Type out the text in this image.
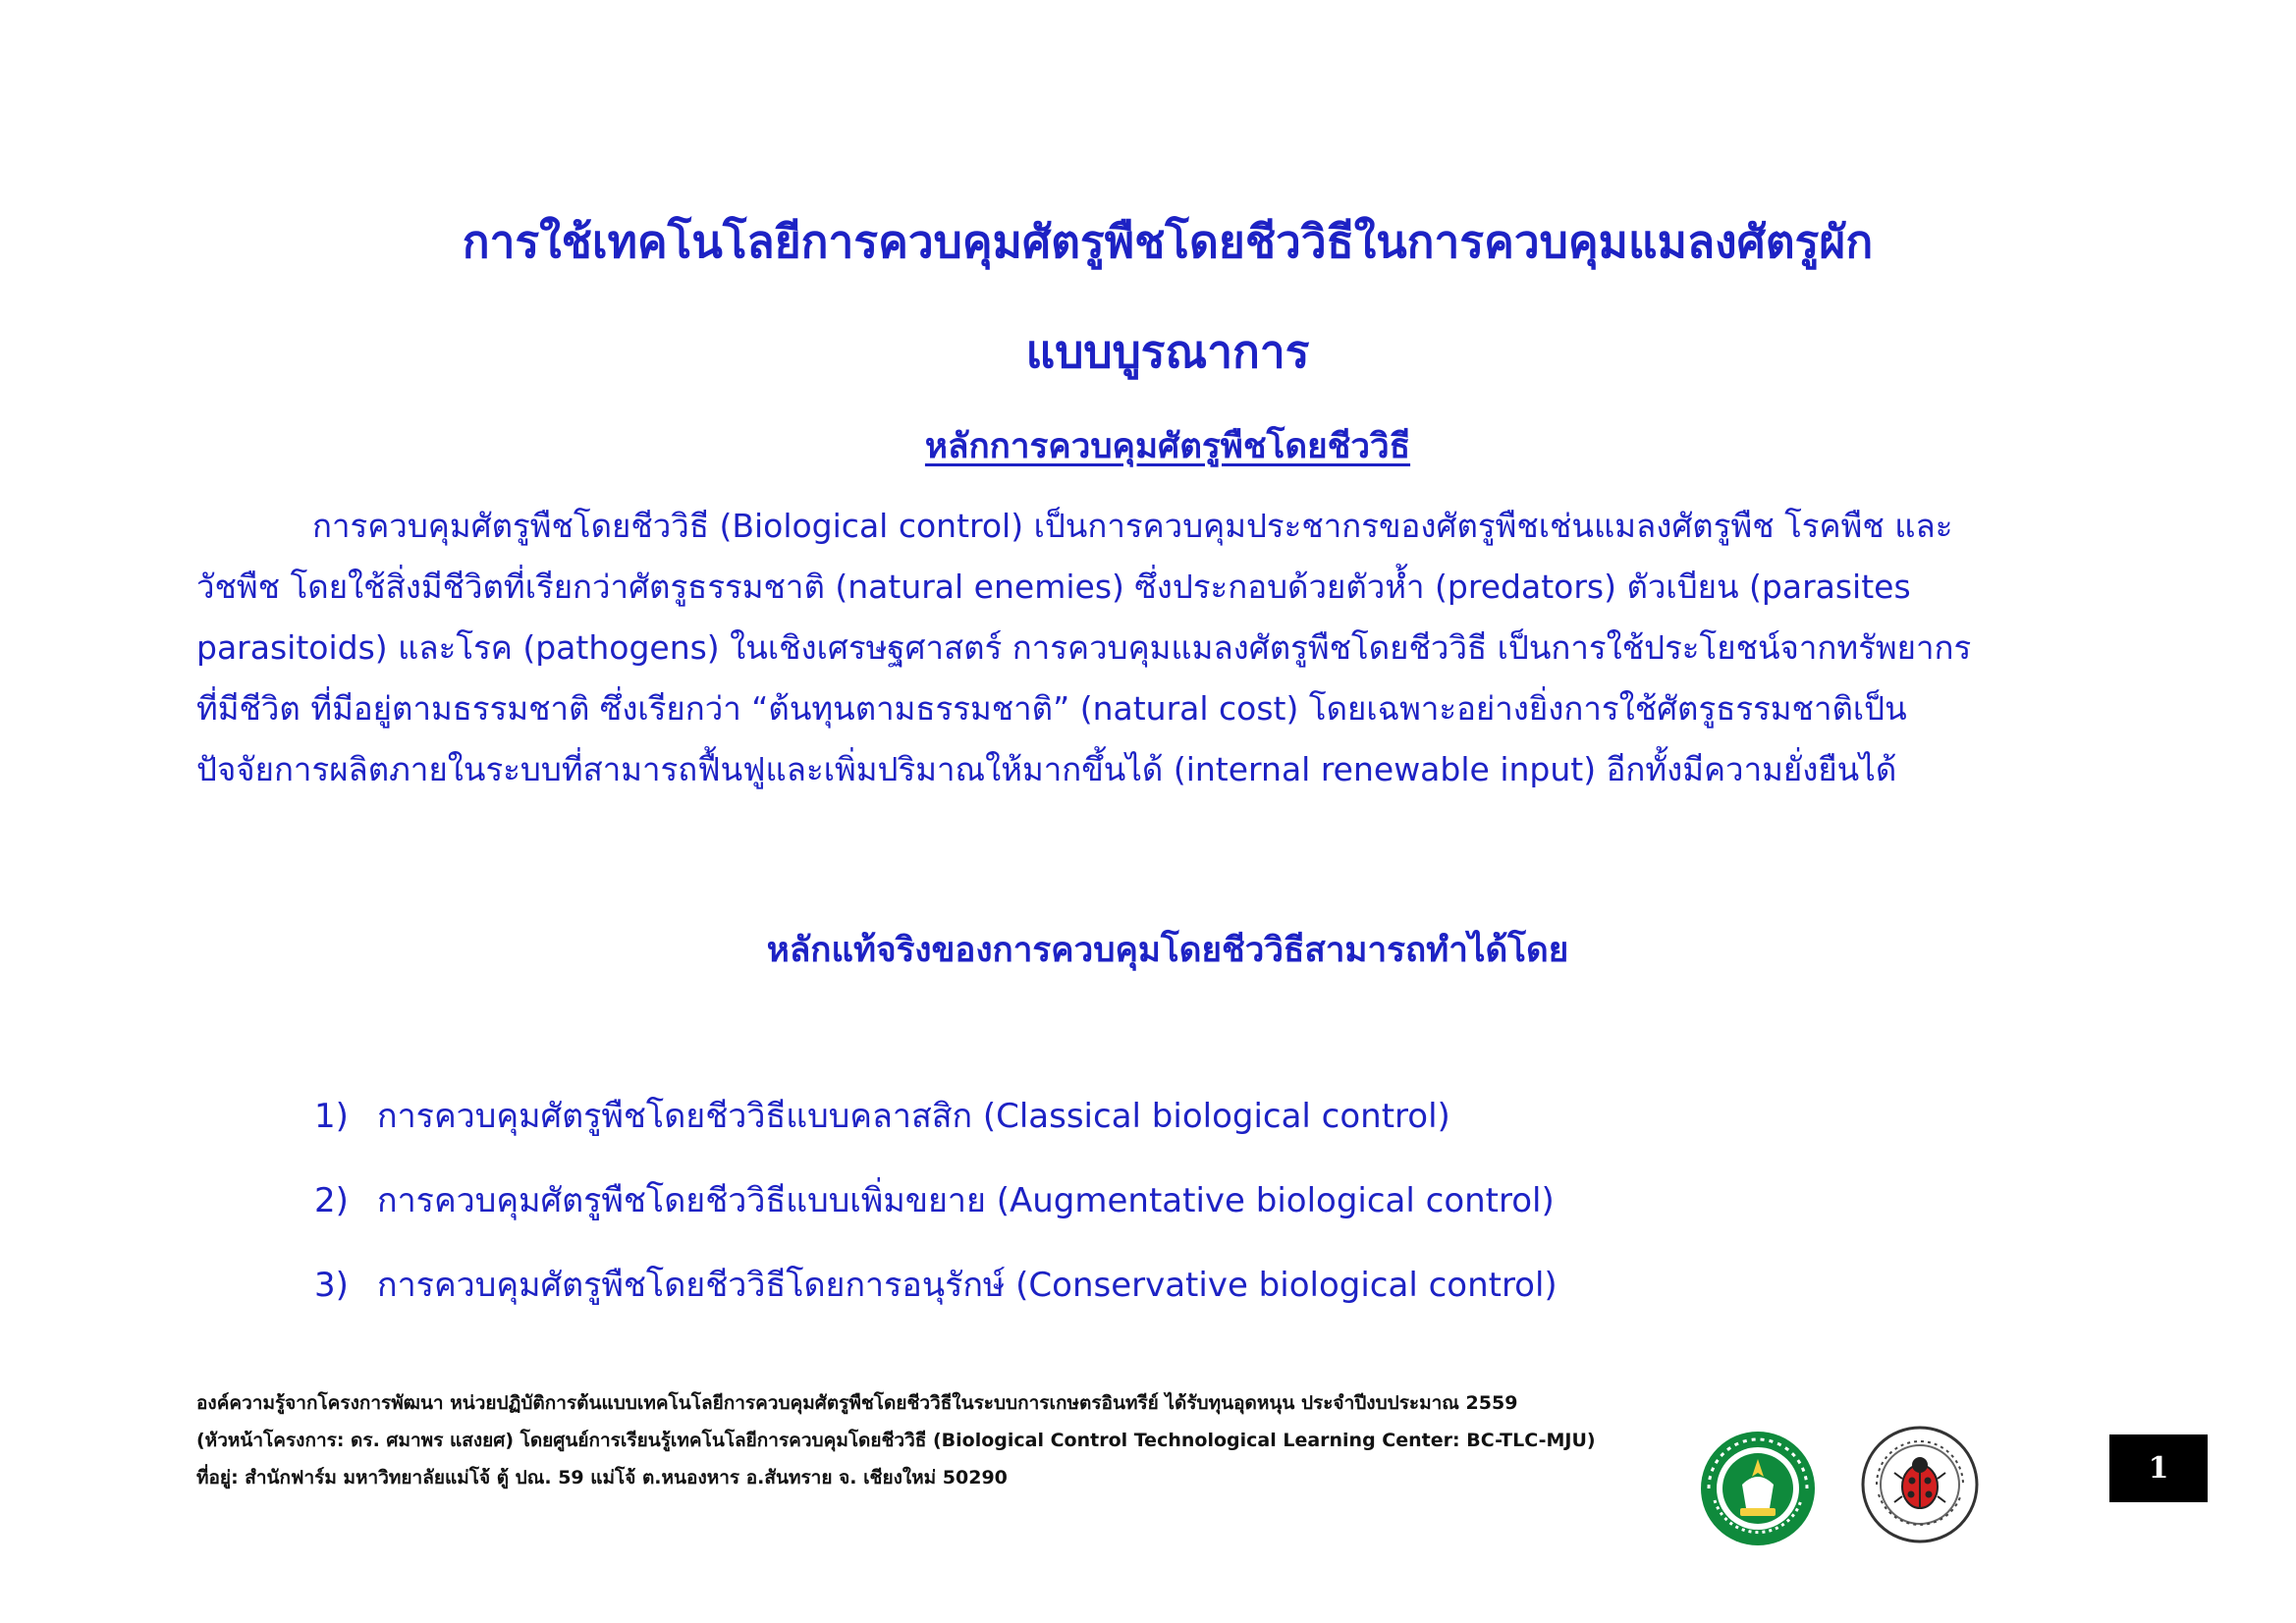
การใช้เทคโนโลยีการควบคุมศัตรูพืชโดยชีววิธีในการควบคุมแมลงศัตรูผัก
แบบบูรณาการ
หลักการควบคุมศัตรูพืชโดยชีววิธี
การควบคุมศัตรูพืชโดยชีววิธี (Biological control) เป็นการควบคุมประชากรของศัตรูพืชเช่นแมลงศัตรูพืช โรคพืช และ
วัชพืช โดยใช้สิ่งมีชีวิตที่เรียกว่าศัตรูธรรมชาติ (natural enemies) ซึ่งประกอบด้วยตัวห้ำ (predators) ตัวเบียน (parasites
parasitoids) และโรค (pathogens) ในเชิงเศรษฐศาสตร์ การควบคุมแมลงศัตรูพืชโดยชีววิธี เป็นการใช้ประโยชน์จากทรัพยากร
ที่มีชีวิต ที่มีอยู่ตามธรรมชาติ ซึ่งเรียกว่า “ต้นทุนตามธรรมชาติ” (natural cost) โดยเฉพาะอย่างยิ่งการใช้ศัตรูธรรมชาติเป็น
ปัจจัยการผลิตภายในระบบที่สามารถฟื้นฟูและเพิ่มปริมาณให้มากขึ้นได้ (internal renewable input) อีกทั้งมีความยั่งยืนได้
หลักแท้จริงของการควบคุมโดยชีววิธีสามารถทำได้โดย
1) การควบคุมศัตรูพืชโดยชีววิธีแบบคลาสสิก (Classical biological control)
2) การควบคุมศัตรูพืชโดยชีววิธีแบบเพิ่มขยาย (Augmentative biological control)
3) การควบคุมศัตรูพืชโดยชีววิธีโดยการอนุรักษ์ (Conservative biological control)
องค์ความรู้จากโครงการพัฒนา หน่วยปฏิบัติการต้นแบบเทคโนโลยีการควบคุมศัตรูพืชโดยชีววิธีในระบบการเกษตรอินทรีย์ ได้รับทุนอุดหนุน ประจำปีงบประมาณ 2559
(หัวหน้าโครงการ: ดร. ศมาพร แสงยศ) โดยศูนย์การเรียนรู้เทคโนโลยีการควบคุมโดยชีววิธี (Biological Control Technological Learning Center: BC-TLC-MJU)
ที่อยู่: สำนักฟาร์ม มหาวิทยาลัยแม่โจ้ ตู้ ปณ. 59 แม่โจ้ ต.หนองหาร อ.สันทราย จ. เชียงใหม่ 50290	1
